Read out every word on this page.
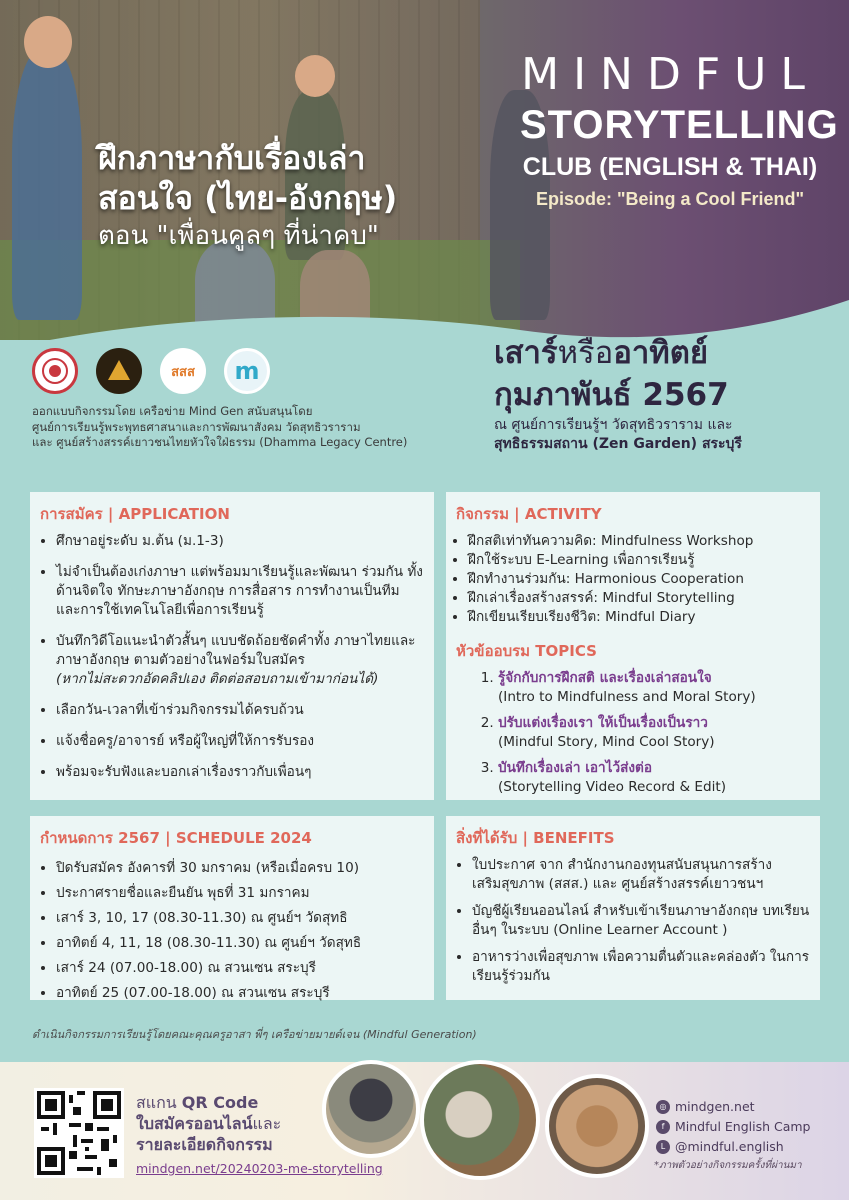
ฝึกภาษากับเรื่องเล่า
สอนใจ (ไทย-อังกฤษ)
ตอน "เพื่อนคูลๆ ที่น่าคบ"
MINDFUL
STORYTELLING
CLUB (ENGLISH & THAI)
Episode: "Being a Cool Friend"
สสส	m
ออกแบบกิจกรรมโดย เครือข่าย Mind Gen สนับสนุนโดย
ศูนย์การเรียนรู้พระพุทธศาสนาและการพัฒนาสังคม วัดสุทธิวราราม
และ ศูนย์สร้างสรรค์เยาวชนไทยหัวใจใฝ่ธรรม (Dhamma Legacy Centre)
เสาร์หรืออาทิตย์
กุมภาพันธ์ 2567
ณ ศูนย์การเรียนรู้ฯ วัดสุทธิวราราม และ
สุทธิธรรมสถาน (Zen Garden) สระบุรี
การสมัคร | APPLICATION
• ศึกษาอยู่ระดับ ม.ต้น (ม.1-3)
• ไม่จำเป็นต้องเก่งภาษา แต่พร้อมมาเรียนรู้และพัฒนา ร่วมกัน ทั้งด้านจิตใจ ทักษะภาษาอังกฤษ การสื่อสาร การทำงานเป็นทีม และการใช้เทคโนโลยีเพื่อการเรียนรู้
• บันทึกวิดีโอแนะนำตัวสั้นๆ แบบชัดถ้อยชัดคำทั้ง ภาษาไทยและภาษาอังกฤษ ตามตัวอย่างในฟอร์มใบสมัคร
(หากไม่สะดวกอัดคลิปเอง ติดต่อสอบถามเข้ามาก่อนได้)
• เลือกวัน-เวลาที่เข้าร่วมกิจกรรมได้ครบถ้วน
• แจ้งชื่อครู/อาจารย์ หรือผู้ใหญ่ที่ให้การรับรอง
• พร้อมจะรับฟังและบอกเล่าเรื่องราวกับเพื่อนๆ
กิจกรรม | ACTIVITY
• ฝึกสติเท่าทันความคิด: Mindfulness Workshop
• ฝึกใช้ระบบ E-Learning เพื่อการเรียนรู้
• ฝึกทำงานร่วมกัน: Harmonious Cooperation
• ฝึกเล่าเรื่องสร้างสรรค์: Mindful Storytelling
• ฝึกเขียนเรียบเรียงชีวิต: Mindful Diary
หัวข้ออบรม TOPICS
1. รู้จักกับการฝึกสติ และเรื่องเล่าสอนใจ
(Intro to Mindfulness and Moral Story)
2. ปรับแต่งเรื่องเรา ให้เป็นเรื่องเป็นราว
(Mindful Story, Mind Cool Story)
3. บันทึกเรื่องเล่า เอาไว้ส่งต่อ
(Storytelling Video Record & Edit)
กำหนดการ 2567 | SCHEDULE 2024
• ปิดรับสมัคร อังคารที่ 30 มกราคม (หรือเมื่อครบ 10)
• ประกาศรายชื่อและยืนยัน พุธที่ 31 มกราคม
• เสาร์ 3, 10, 17 (08.30-11.30) ณ ศูนย์ฯ วัดสุทธิ
• อาทิตย์ 4, 11, 18 (08.30-11.30) ณ ศูนย์ฯ วัดสุทธิ
• เสาร์ 24 (07.00-18.00) ณ สวนเซน สระบุรี
• อาทิตย์ 25 (07.00-18.00) ณ สวนเซน สระบุรี
สิ่งที่ได้รับ | BENEFITS
• ใบประกาศ จาก สำนักงานกองทุนสนับสนุนการสร้าง เสริมสุขภาพ (สสส.) และ ศูนย์สร้างสรรค์เยาวชนฯ
• บัญชีผู้เรียนออนไลน์ สำหรับเข้าเรียนภาษาอังกฤษ บทเรียนอื่นๆ ในระบบ (Online Learner Account )
• อาหารว่างเพื่อสุขภาพ เพื่อความตื่นตัวและคล่องตัว ในการเรียนรู้ร่วมกัน
ดำเนินกิจกรรมการเรียนรู้โดยคณะคุณครูอาสา พี่ๆ เครือข่ายมายด์เจน (Mindful Generation)
สแกน QR Code
ใบสมัครออนไลน์และ
รายละเอียดกิจกรรม
mindgen.net/20240203-me-storytelling
◎ mindgen.net
f Mindful English Camp
L @mindful.english
*ภาพตัวอย่างกิจกรรมครั้งที่ผ่านมา
